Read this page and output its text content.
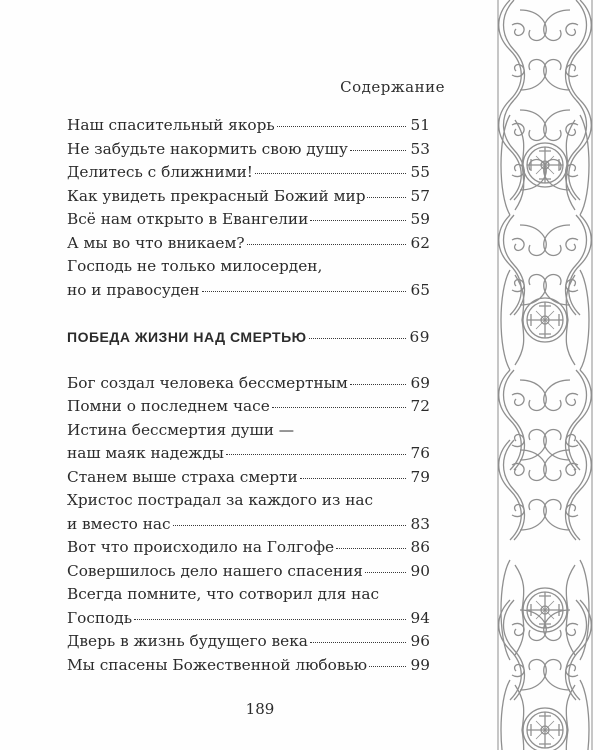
Содержание
Наш спасительный якорь	51
Не забудьте накормить свою душу	53
Делитесь с ближними!	55
Как увидеть прекрасный Божий мир	57
Всё нам открыто в Евангелии	59
А мы во что вникаем?	62
Господь не только милосерден,
но и правосуден	65
ПОБЕДА ЖИЗНИ НАД СМЕРТЬЮ	69
Бог создал человека бессмертным	69
Помни о последнем часе	72
Истина бессмертия души —
наш маяк надежды	76
Станем выше страха смерти	79
Христос пострадал за каждого из нас
и вместо нас	83
Вот что происходило на Голгофе	86
Совершилось дело нашего спасения	90
Всегда помните, что сотворил для нас
Господь	94
Дверь в жизнь будущего века	96
Мы спасены Божественной любовью	99
189
